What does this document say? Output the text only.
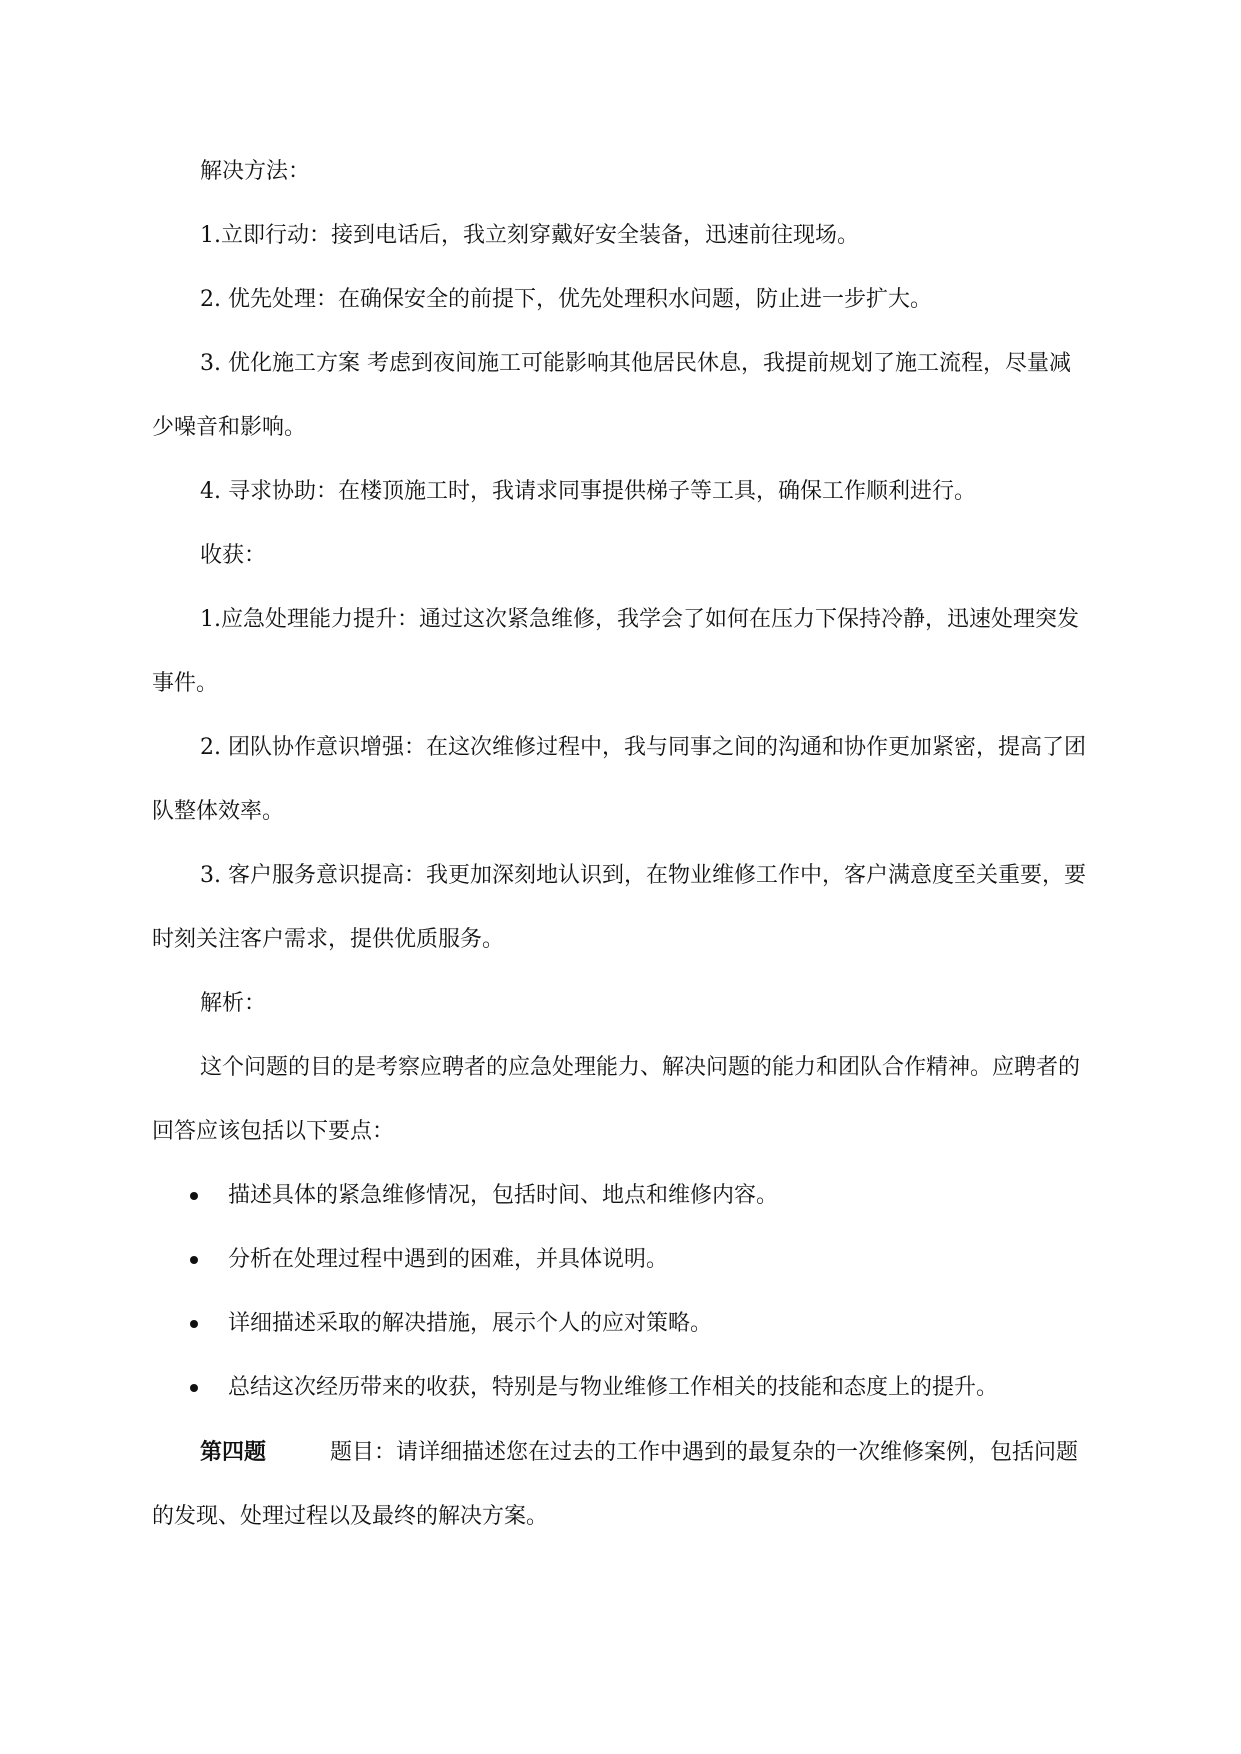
解决方法：

1.立即行动：接到电话后，我立刻穿戴好安全装备，迅速前往现场。

2. 优先处理：在确保安全的前提下，优先处理积水问题，防止进一步扩大。

3. 优化施工方案 考虑到夜间施工可能影响其他居民休息，我提前规划了施工流程，尽量减少噪音和影响。

4. 寻求协助：在楼顶施工时，我请求同事提供梯子等工具，确保工作顺利进行。

收获：

1.应急处理能力提升：通过这次紧急维修，我学会了如何在压力下保持冷静，迅速处理突发事件。

2. 团队协作意识增强：在这次维修过程中，我与同事之间的沟通和协作更加紧密，提高了团队整体效率。

3. 客户服务意识提高：我更加深刻地认识到，在物业维修工作中，客户满意度至关重要，要时刻关注客户需求，提供优质服务。

解析：

这个问题的目的是考察应聘者的应急处理能力、解决问题的能力和团队合作精神。应聘者的回答应该包括以下要点：

描述具体的紧急维修情况，包括时间、地点和维修内容。
分析在处理过程中遇到的困难，并具体说明。
详细描述采取的解决措施，展示个人的应对策略。
总结这次经历带来的收获，特别是与物业维修工作相关的技能和态度上的提升。

第四题	题目：请详细描述您在过去的工作中遇到的最复杂的一次维修案例，包括问题的发现、处理过程以及最终的解决方案。
